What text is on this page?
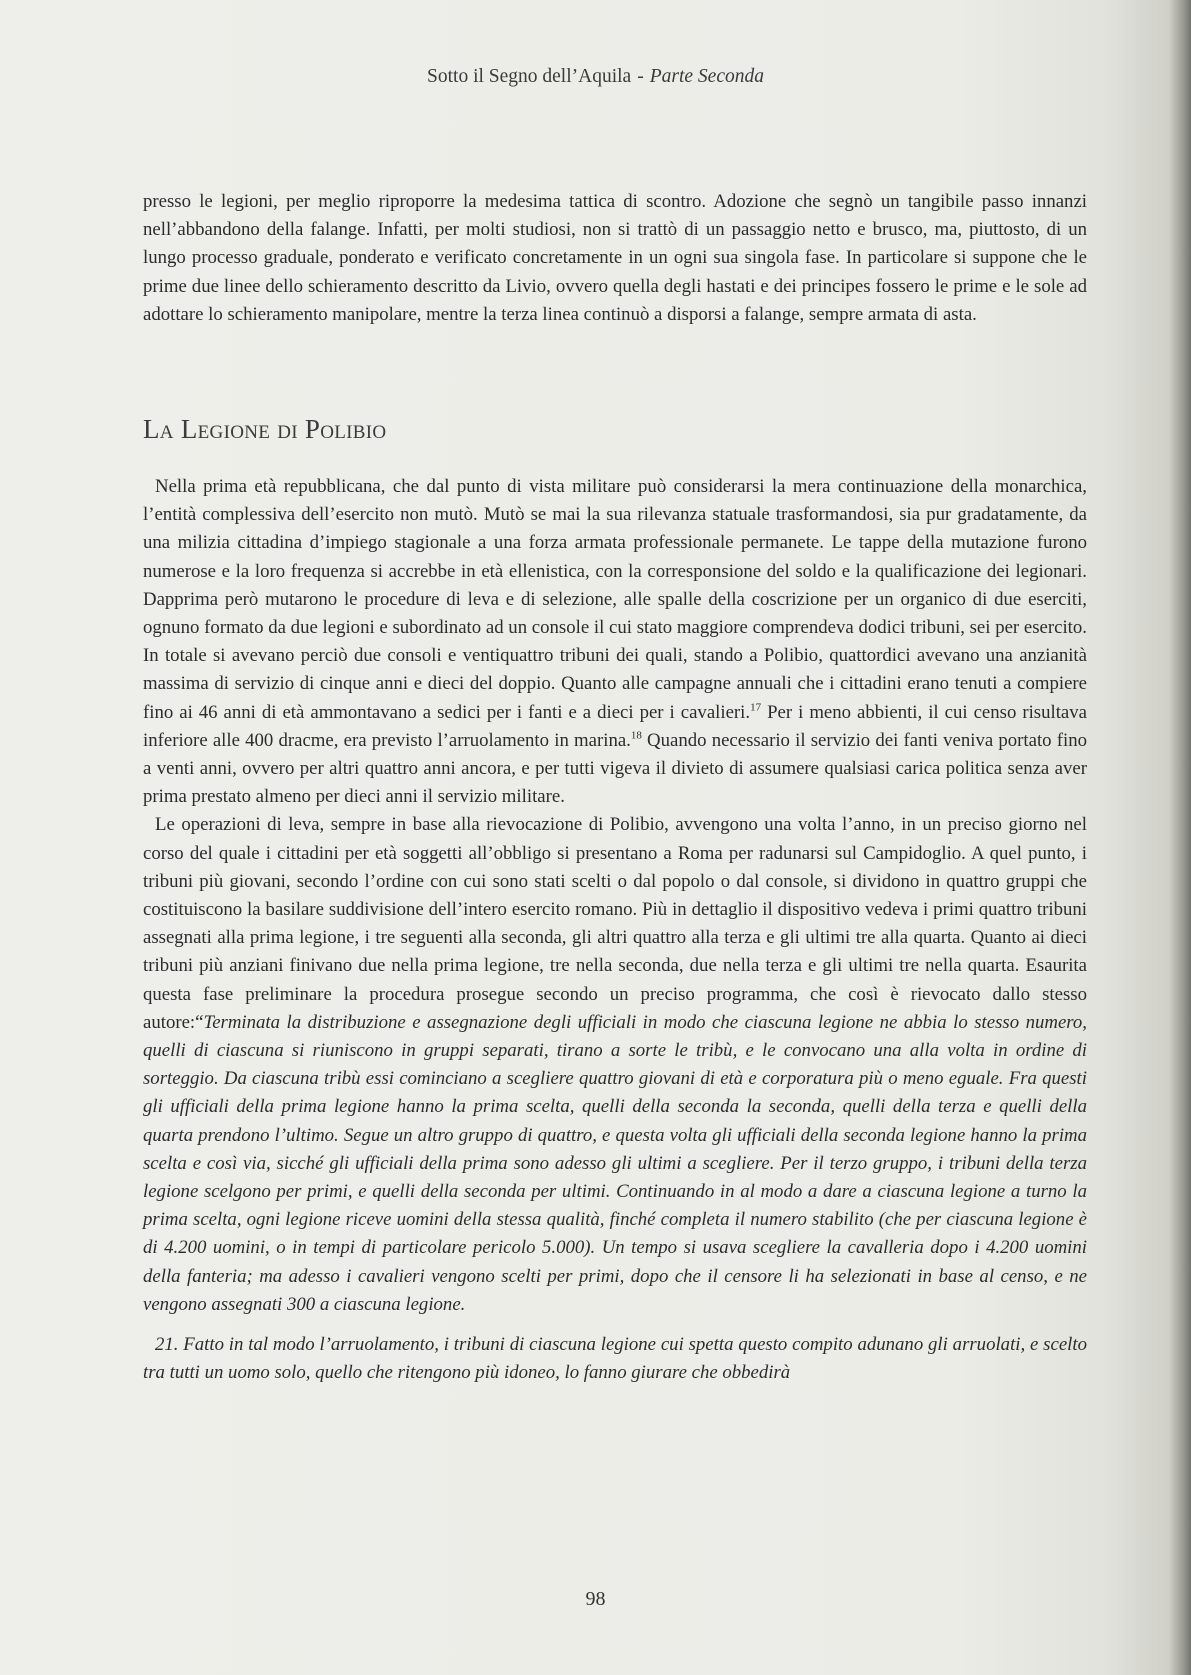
Sotto il Segno dell’Aquila - Parte Seconda

presso le legioni, per meglio riproporre la medesima tattica di scontro. Adozione che segnò un tangibile passo innanzi nell’abbandono della falange. Infatti, per molti studiosi, non si trattò di un passaggio netto e brusco, ma, piuttosto, di un lungo processo graduale, ponderato e verificato concretamente in un ogni sua singola fase. In particolare si suppone che le prime due linee dello schieramento descritto da Livio, ovvero quella degli hastati e dei principes fossero le prime e le sole ad adottare lo schieramento manipolare, mentre la terza linea continuò a disporsi a falange, sempre armata di asta.

La Legione di Polibio

Nella prima età repubblicana, che dal punto di vista militare può considerarsi la mera continuazione della monarchica, l’entità complessiva dell’esercito non mutò. Mutò se mai la sua rilevanza statuale trasformandosi, sia pur gradatamente, da una milizia cittadina d’impiego stagionale a una forza armata professionale permanete. Le tappe della mutazione furono numerose e la loro frequenza si accrebbe in età ellenistica, con la corresponsione del soldo e la qualificazione dei legionari. Dapprima però mutarono le procedure di leva e di selezione, alle spalle della coscrizione per un organico di due eserciti, ognuno formato da due legioni e subordinato ad un console il cui stato maggiore comprendeva dodici tribuni, sei per esercito. In totale si avevano perciò due consoli e ventiquattro tribuni dei quali, stando a Polibio, quattordici avevano una anzianità massima di servizio di cinque anni e dieci del doppio. Quanto alle campagne annuali che i cittadini erano tenuti a compiere fino ai 46 anni di età ammontavano a sedici per i fanti e a dieci per i cavalieri.$^{17}$ Per i meno abbienti, il cui censo risultava inferiore alle 400 dracme, era previsto l’arruolamento in marina.$^{18}$ Quando necessario il servizio dei fanti veniva portato fino a venti anni, ovvero per altri quattro anni ancora, e per tutti vigeva il divieto di assumere qualsiasi carica politica senza aver prima prestato almeno per dieci anni il servizio militare.

Le operazioni di leva, sempre in base alla rievocazione di Polibio, avvengono una volta l’anno, in un preciso giorno nel corso del quale i cittadini per età soggetti all’obbligo si presentano a Roma per radunarsi sul Campidoglio. A quel punto, i tribuni più giovani, secondo l’ordine con cui sono stati scelti o dal popolo o dal console, si dividono in quattro gruppi che costituiscono la basilare suddivisione dell’intero esercito romano. Più in dettaglio il dispositivo vedeva i primi quattro tribuni assegnati alla prima legione, i tre seguenti alla seconda, gli altri quattro alla terza e gli ultimi tre alla quarta. Quanto ai dieci tribuni più anziani finivano due nella prima legione, tre nella seconda, due nella terza e gli ultimi tre nella quarta. Esaurita questa fase preliminare la procedura prosegue secondo un preciso programma, che così è rievocato dallo stesso autore:“Terminata la distribuzione e assegnazione degli ufficiali in modo che ciascuna legione ne abbia lo stesso numero, quelli di ciascuna si riuniscono in gruppi separati, tirano a sorte le tribù, e le convocano una alla volta in ordine di sorteggio. Da ciascuna tribù essi cominciano a scegliere quattro giovani di età e corporatura più o meno eguale. Fra questi gli ufficiali della prima legione hanno la prima scelta, quelli della seconda la seconda, quelli della terza e quelli della quarta prendono l’ultimo. Segue un altro gruppo di quattro, e questa volta gli ufficiali della seconda legione hanno la prima scelta e così via, sicché gli ufficiali della prima sono adesso gli ultimi a scegliere. Per il terzo gruppo, i tribuni della terza legione scelgono per primi, e quelli della seconda per ultimi. Continuando in al modo a dare a ciascuna legione a turno la prima scelta, ogni legione riceve uomini della stessa qualità, finché completa il numero stabilito (che per ciascuna legione è di 4.200 uomini, o in tempi di particolare pericolo 5.000). Un tempo si usava scegliere la cavalleria dopo i 4.200 uomini della fanteria; ma adesso i cavalieri vengono scelti per primi, dopo che il censore li ha selezionati in base al censo, e ne vengono assegnati 300 a ciascuna legione.

21. Fatto in tal modo l’arruolamento, i tribuni di ciascuna legione cui spetta questo compito adunano gli arruolati, e scelto tra tutti un uomo solo, quello che ritengono più idoneo, lo fanno giurare che obbedirà

98
